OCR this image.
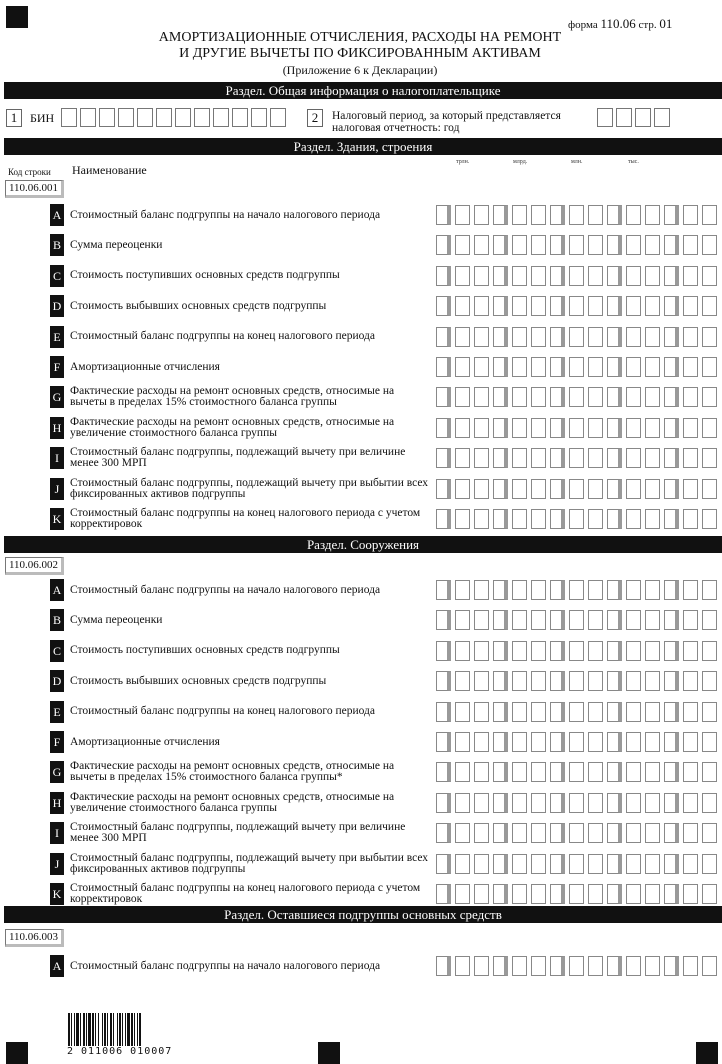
форма 110.06 стр. 01
АМОРТИЗАЦИОННЫЕ ОТЧИСЛЕНИЯ, РАСХОДЫ НА РЕМОНТ
И ДРУГИЕ ВЫЧЕТЫ ПО ФИКСИРОВАННЫМ АКТИВАМ
(Приложение 6 к Декларации)
Раздел. Общая информация о налогоплательщике
1	БИН	2	Налоговый период, за который представляется
налоговая отчетность: год
Раздел. Здания, строения
Код строки Наименование
трлн.	млрд.	млн.	тыс.
110.06.001
A Стоимостный баланс подгруппы на начало налогового периода
B Сумма переоценки
C Стоимость поступивших основных средств подгруппы
D Стоимость выбывших основных средств подгруппы
E Стоимостный баланс подгруппы на конец налогового периода
F Амортизационные отчисления
G Фактические расходы на ремонт основных средств, относимые на вычеты в пределах 15% стоимостного баланса группы
H Фактические расходы на ремонт основных средств, относимые на увеличение стоимостного баланса группы
I Стоимостный баланс подгруппы, подлежащий вычету при величине менее 300 МРП
J Стоимостный баланс подгруппы, подлежащий вычету при выбытии всех фиксированных активов подгруппы
K Стоимостный баланс подгруппы на конец налогового периода с учетом корректировок
Раздел. Сооружения
110.06.002
A Стоимостный баланс подгруппы на начало налогового периода
B Сумма переоценки
C Стоимость поступивших основных средств подгруппы
D Стоимость выбывших основных средств подгруппы
E Стоимостный баланс подгруппы на конец налогового периода
F Амортизационные отчисления
G Фактические расходы на ремонт основных средств, относимые на вычеты в пределах 15% стоимостного баланса группы*
H Фактические расходы на ремонт основных средств, относимые на увеличение стоимостного баланса группы
I Стоимостный баланс подгруппы, подлежащий вычету при величине менее 300 МРП
J Стоимостный баланс подгруппы, подлежащий вычету при выбытии всех фиксированных активов подгруппы
K Стоимостный баланс подгруппы на конец налогового периода с учетом корректировок
Раздел. Оставшиеся подгруппы основных средств
110.06.003
A Стоимостный баланс подгруппы на начало налогового периода
2 011006 010007
